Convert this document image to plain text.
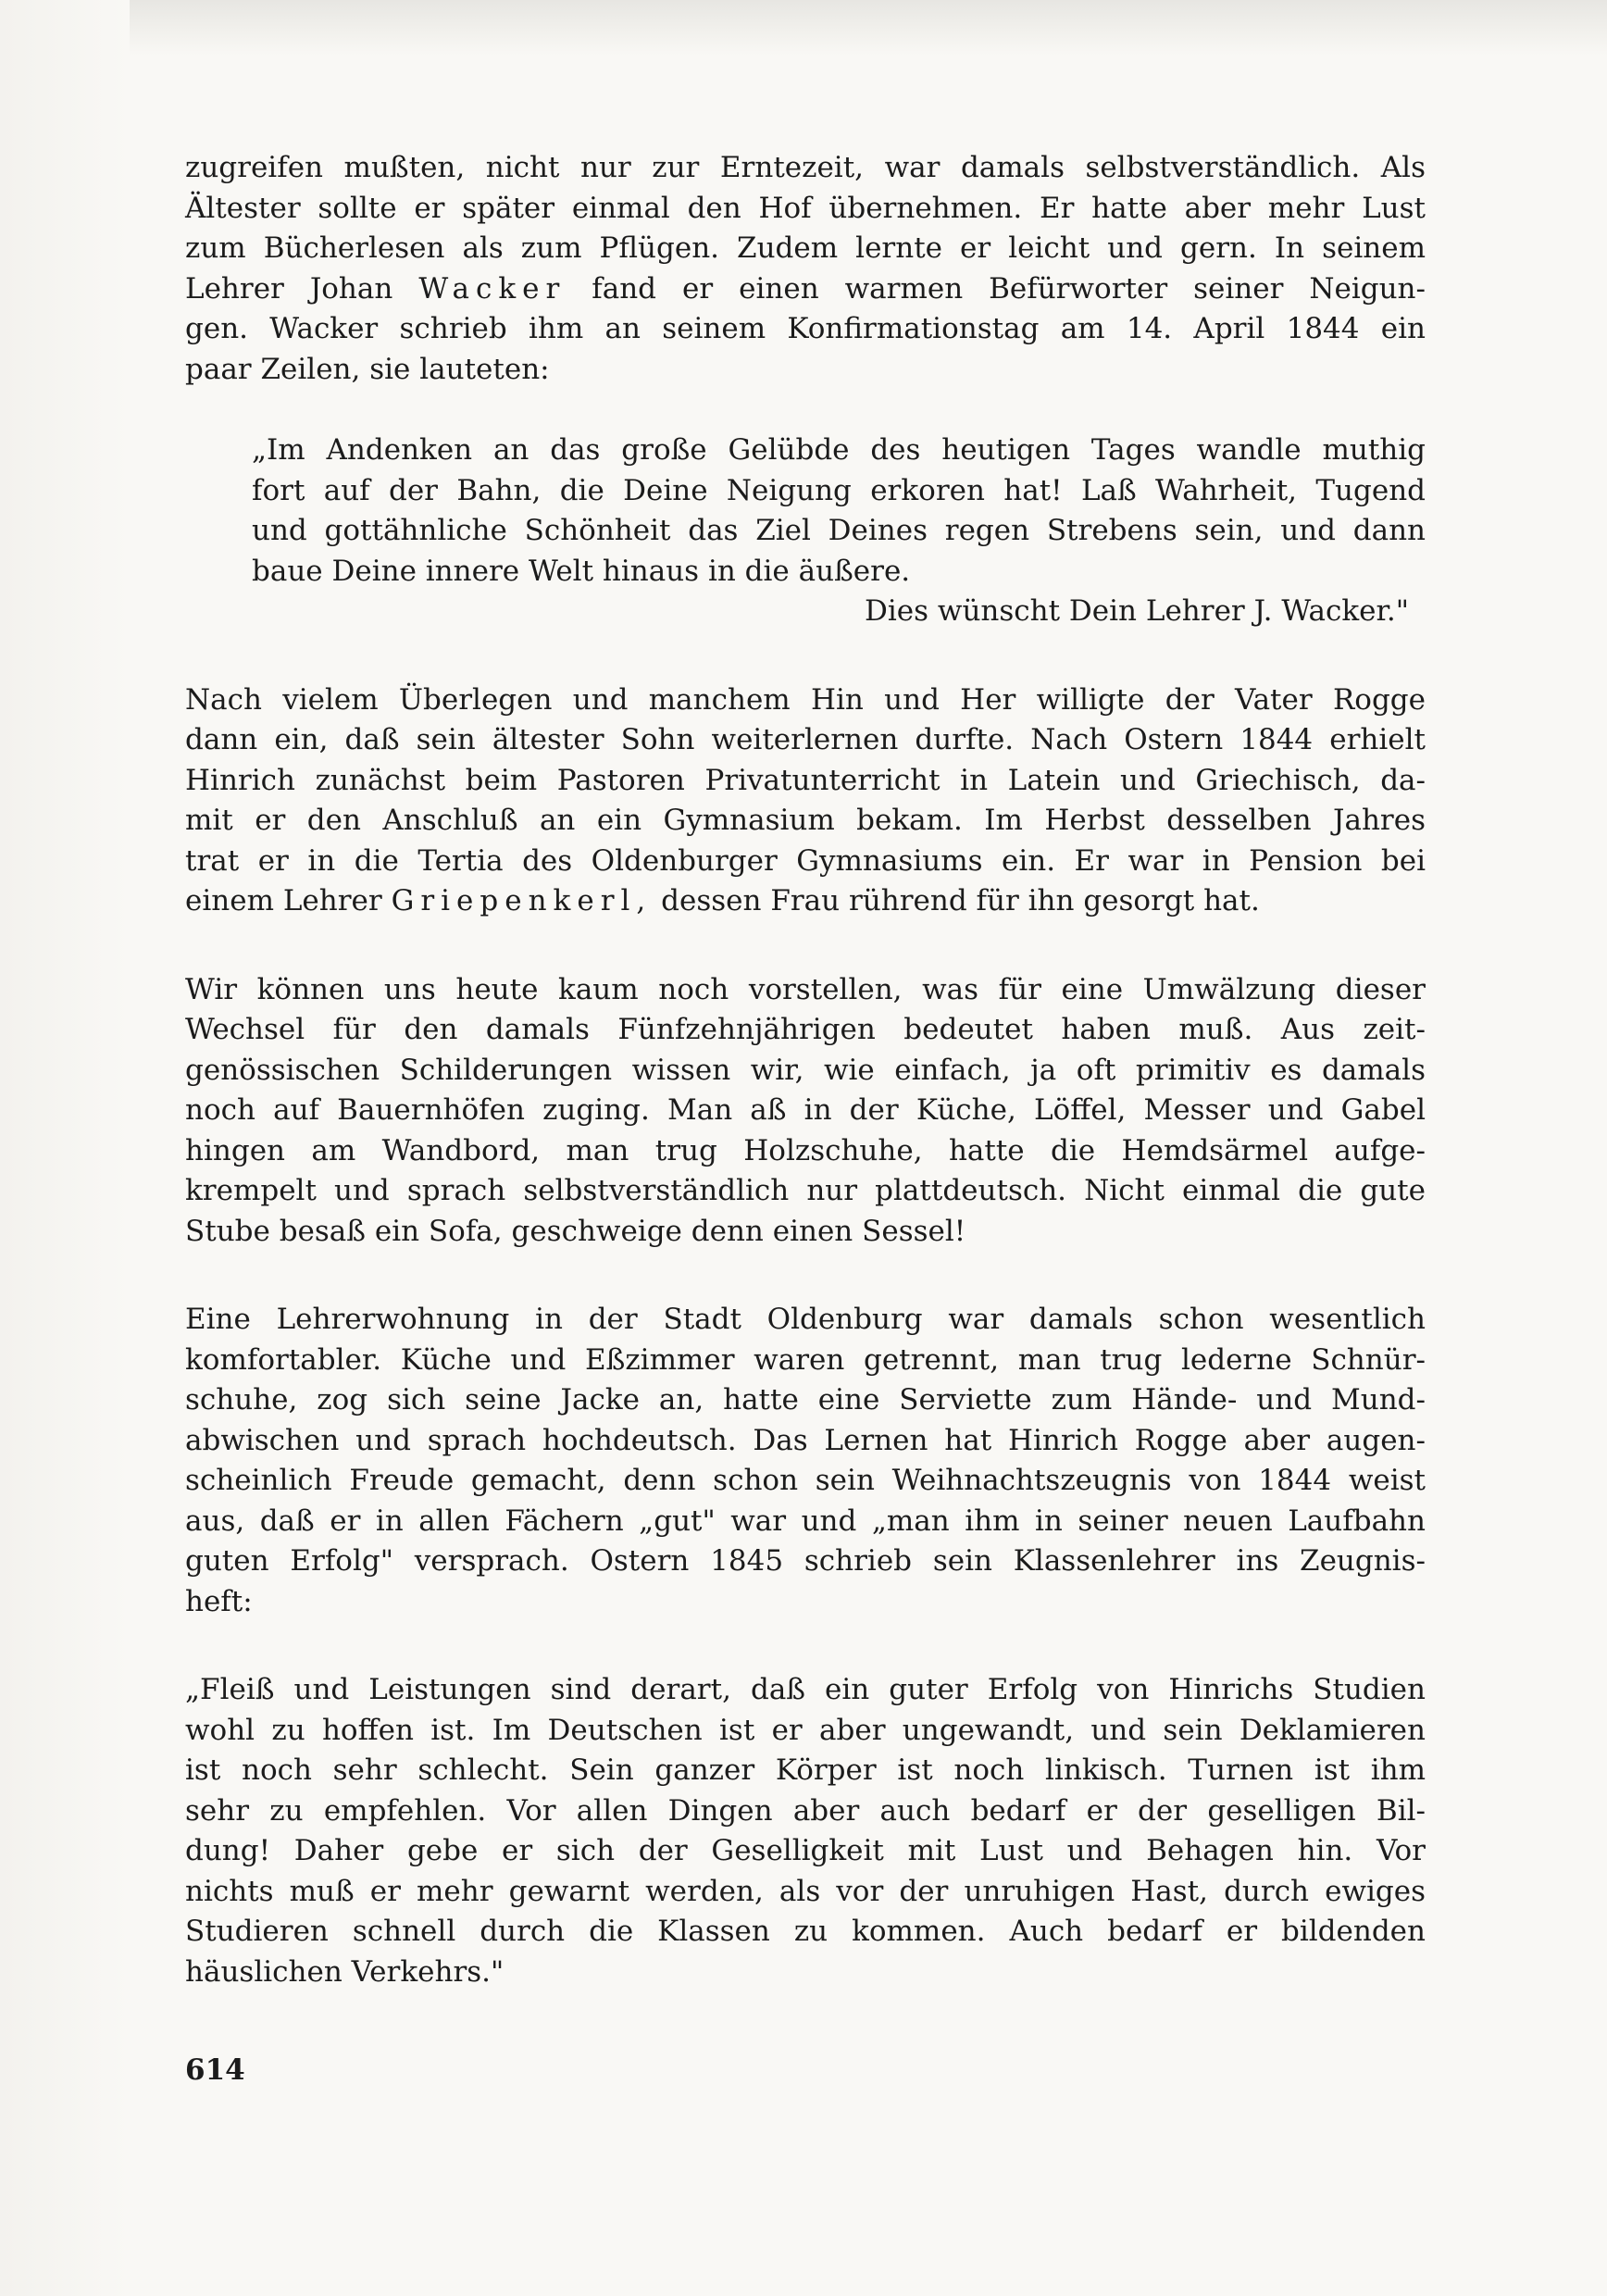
zugreifen mußten, nicht nur zur Erntezeit, war damals selbstverständlich. Als
Ältester sollte er später einmal den Hof übernehmen. Er hatte aber mehr Lust
zum Bücherlesen als zum Pflügen. Zudem lernte er leicht und gern. In seinem
Lehrer Johan Wacker fand er einen warmen Befürworter seiner Neigun-
gen. Wacker schrieb ihm an seinem Konfirmationstag am 14. April 1844 ein
paar Zeilen, sie lauteten:

„Im Andenken an das große Gelübde des heutigen Tages wandle muthig
fort auf der Bahn, die Deine Neigung erkoren hat! Laß Wahrheit, Tugend
und gottähnliche Schönheit das Ziel Deines regen Strebens sein, und dann
baue Deine innere Welt hinaus in die äußere.
Dies wünscht Dein Lehrer J. Wacker."

Nach vielem Überlegen und manchem Hin und Her willigte der Vater Rogge
dann ein, daß sein ältester Sohn weiterlernen durfte. Nach Ostern 1844 erhielt
Hinrich zunächst beim Pastoren Privatunterricht in Latein und Griechisch, da-
mit er den Anschluß an ein Gymnasium bekam. Im Herbst desselben Jahres
trat er in die Tertia des Oldenburger Gymnasiums ein. Er war in Pension bei
einem Lehrer Griepenkerl, dessen Frau rührend für ihn gesorgt hat.

Wir können uns heute kaum noch vorstellen, was für eine Umwälzung dieser
Wechsel für den damals Fünfzehnjährigen bedeutet haben muß. Aus zeit-
genössischen Schilderungen wissen wir, wie einfach, ja oft primitiv es damals
noch auf Bauernhöfen zuging. Man aß in der Küche, Löffel, Messer und Gabel
hingen am Wandbord, man trug Holzschuhe, hatte die Hemdsärmel aufge-
krempelt und sprach selbstverständlich nur plattdeutsch. Nicht einmal die gute
Stube besaß ein Sofa, geschweige denn einen Sessel!

Eine Lehrerwohnung in der Stadt Oldenburg war damals schon wesentlich
komfortabler. Küche und Eßzimmer waren getrennt, man trug lederne Schnür-
schuhe, zog sich seine Jacke an, hatte eine Serviette zum Hände- und Mund-
abwischen und sprach hochdeutsch. Das Lernen hat Hinrich Rogge aber augen-
scheinlich Freude gemacht, denn schon sein Weihnachtszeugnis von 1844 weist
aus, daß er in allen Fächern „gut" war und „man ihm in seiner neuen Laufbahn
guten Erfolg" versprach. Ostern 1845 schrieb sein Klassenlehrer ins Zeugnis-
heft:

„Fleiß und Leistungen sind derart, daß ein guter Erfolg von Hinrichs Studien
wohl zu hoffen ist. Im Deutschen ist er aber ungewandt, und sein Deklamieren
ist noch sehr schlecht. Sein ganzer Körper ist noch linkisch. Turnen ist ihm
sehr zu empfehlen. Vor allen Dingen aber auch bedarf er der geselligen Bil-
dung! Daher gebe er sich der Geselligkeit mit Lust und Behagen hin. Vor
nichts muß er mehr gewarnt werden, als vor der unruhigen Hast, durch ewiges
Studieren schnell durch die Klassen zu kommen. Auch bedarf er bildenden
häuslichen Verkehrs."

614
